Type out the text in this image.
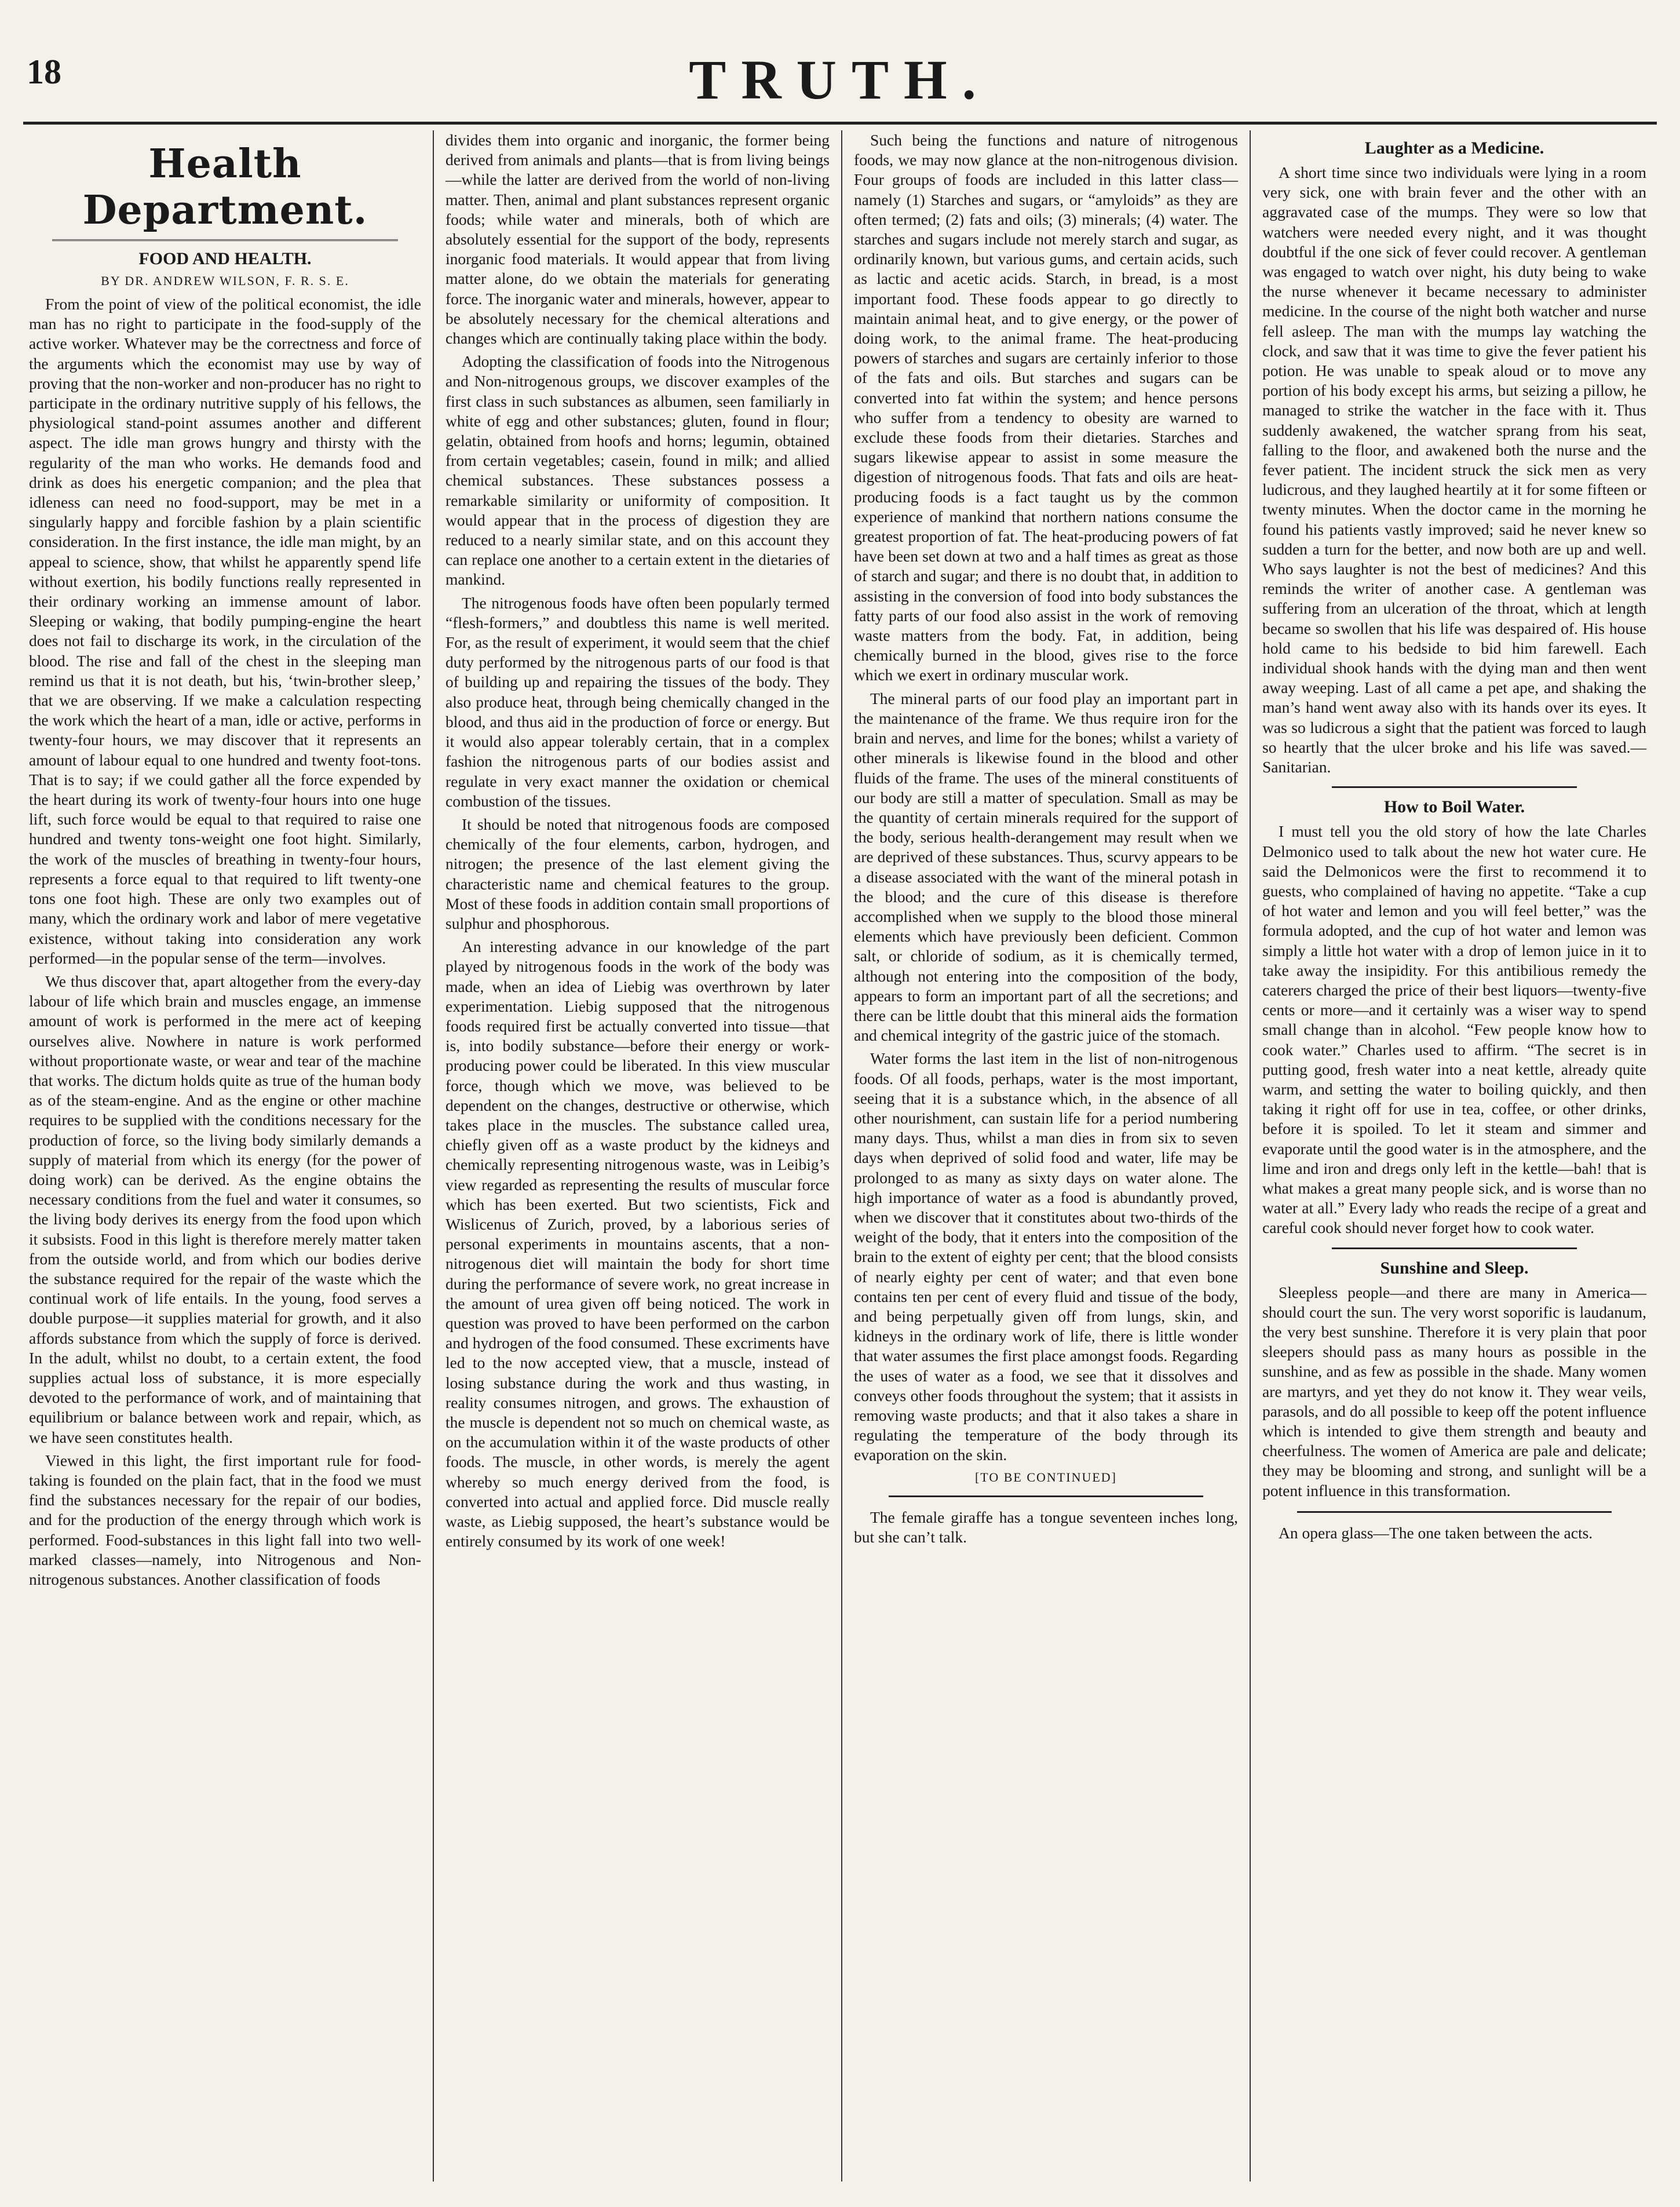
18	TRUTH.
Health Department.
FOOD AND HEALTH.
BY DR. ANDREW WILSON, F. R. S. E.

From the point of view of the political economist, the idle man has no right to participate in the food-supply of the active worker. Whatever may be the correctness and force of the arguments which the economist may use by way of proving that the non-worker and non-producer has no right to participate in the ordinary nutritive supply of his fellows, the physiological stand-point assumes another and different aspect. The idle man grows hungry and thirsty with the regularity of the man who works. He demands food and drink as does his energetic companion; and the plea that idleness can need no food-support, may be met in a singularly happy and forcible fashion by a plain scientific consideration. In the first instance, the idle man might, by an appeal to science, show, that whilst he apparently spend life without exertion, his bodily functions really represented in their ordinary working an immense amount of labor. Sleeping or waking, that bodily pumping-engine the heart does not fail to discharge its work, in the circulation of the blood. The rise and fall of the chest in the sleeping man remind us that it is not death, but his, ‘twin-brother sleep,’ that we are observing. If we make a calculation respecting the work which the heart of a man, idle or active, performs in twenty-four hours, we may discover that it represents an amount of labour equal to one hundred and twenty foot-tons. That is to say; if we could gather all the force expended by the heart during its work of twenty-four hours into one huge lift, such force would be equal to that required to raise one hundred and twenty tons-weight one foot hight. Similarly, the work of the muscles of breathing in twenty-four hours, represents a force equal to that required to lift twenty-one tons one foot high. These are only two examples out of many, which the ordinary work and labor of mere vegetative existence, without taking into consideration any work performed—in the popular sense of the term—involves.

We thus discover that, apart altogether from the every-day labour of life which brain and muscles engage, an immense amount of work is performed in the mere act of keeping ourselves alive. Nowhere in nature is work performed without proportionate waste, or wear and tear of the machine that works. The dictum holds quite as true of the human body as of the steam-engine. And as the engine or other machine requires to be supplied with the conditions necessary for the production of force, so the living body similarly demands a supply of material from which its energy (for the power of doing work) can be derived. As the engine obtains the necessary conditions from the fuel and water it consumes, so the living body derives its energy from the food upon which it subsists. Food in this light is therefore merely matter taken from the outside world, and from which our bodies derive the substance required for the repair of the waste which the continual work of life entails. In the young, food serves a double purpose—it supplies material for growth, and it also affords substance from which the supply of force is derived. In the adult, whilst no doubt, to a certain extent, the food supplies actual loss of substance, it is more especially devoted to the performance of work, and of maintaining that equilibrium or balance between work and repair, which, as we have seen constitutes health.

Viewed in this light, the first important rule for food-taking is founded on the plain fact, that in the food we must find the substances necessary for the repair of our bodies, and for the production of the energy through which work is performed. Food-substances in this light fall into two well-marked classes—namely, into Nitrogenous and Non-nitrogenous substances. Another classification of foods

divides them into organic and inorganic, the former being derived from animals and plants—that is from living beings—while the latter are derived from the world of non-living matter. Then, animal and plant substances represent organic foods; while water and minerals, both of which are absolutely essential for the support of the body, represents inorganic food materials. It would appear that from living matter alone, do we obtain the materials for generating force. The inorganic water and minerals, however, appear to be absolutely necessary for the chemical alterations and changes which are continually taking place within the body.

Adopting the classification of foods into the Nitrogenous and Non-nitrogenous groups, we discover examples of the first class in such substances as albumen, seen familiarly in white of egg and other substances; gluten, found in flour; gelatin, obtained from hoofs and horns; legumin, obtained from certain vegetables; casein, found in milk; and allied chemical substances. These substances possess a remarkable similarity or uniformity of composition. It would appear that in the process of digestion they are reduced to a nearly similar state, and on this account they can replace one another to a certain extent in the dietaries of mankind.

The nitrogenous foods have often been popularly termed “flesh-formers,” and doubtless this name is well merited. For, as the result of experiment, it would seem that the chief duty performed by the nitrogenous parts of our food is that of building up and repairing the tissues of the body. They also produce heat, through being chemically changed in the blood, and thus aid in the production of force or energy. But it would also appear tolerably certain, that in a complex fashion the nitrogenous parts of our bodies assist and regulate in very exact manner the oxidation or chemical combustion of the tissues.

It should be noted that nitrogenous foods are composed chemically of the four elements, carbon, hydrogen, and nitrogen; the presence of the last element giving the characteristic name and chemical features to the group. Most of these foods in addition contain small proportions of sulphur and phosphorous.

An interesting advance in our knowledge of the part played by nitrogenous foods in the work of the body was made, when an idea of Liebig was overthrown by later experimentation. Liebig supposed that the nitrogenous foods required first be actually converted into tissue—that is, into bodily substance—before their energy or work-producing power could be liberated. In this view muscular force, though which we move, was believed to be dependent on the changes, destructive or otherwise, which takes place in the muscles. The substance called urea, chiefly given off as a waste product by the kidneys and chemically representing nitrogenous waste, was in Leibig’s view regarded as representing the results of muscular force which has been exerted. But two scientists, Fick and Wislicenus of Zurich, proved, by a laborious series of personal experiments in mountains ascents, that a non-nitrogenous diet will maintain the body for short time during the performance of severe work, no great increase in the amount of urea given off being noticed. The work in question was proved to have been performed on the carbon and hydrogen of the food consumed. These excriments have led to the now accepted view, that a muscle, instead of losing substance during the work and thus wasting, in reality consumes nitrogen, and grows. The exhaustion of the muscle is dependent not so much on chemical waste, as on the accumulation within it of the waste products of other foods. The muscle, in other words, is merely the agent whereby so much energy derived from the food, is converted into actual and applied force. Did muscle really waste, as Liebig supposed, the heart’s substance would be entirely consumed by its work of one week!

Such being the functions and nature of nitrogenous foods, we may now glance at the non-nitrogenous division. Four groups of foods are included in this latter class—namely (1) Starches and sugars, or “amyloids” as they are often termed; (2) fats and oils; (3) minerals; (4) water. The starches and sugars include not merely starch and sugar, as ordinarily known, but various gums, and certain acids, such as lactic and acetic acids. Starch, in bread, is a most important food. These foods appear to go directly to maintain animal heat, and to give energy, or the power of doing work, to the animal frame. The heat-producing powers of starches and sugars are certainly inferior to those of the fats and oils. But starches and sugars can be converted into fat within the system; and hence persons who suffer from a tendency to obesity are warned to exclude these foods from their dietaries. Starches and sugars likewise appear to assist in some measure the digestion of nitrogenous foods. That fats and oils are heat-producing foods is a fact taught us by the common experience of mankind that northern nations consume the greatest proportion of fat. The heat-producing powers of fat have been set down at two and a half times as great as those of starch and sugar; and there is no doubt that, in addition to assisting in the conversion of food into body substances the fatty parts of our food also assist in the work of removing waste matters from the body. Fat, in addition, being chemically burned in the blood, gives rise to the force which we exert in ordinary muscular work.

The mineral parts of our food play an important part in the maintenance of the frame. We thus require iron for the brain and nerves, and lime for the bones; whilst a variety of other minerals is likewise found in the blood and other fluids of the frame. The uses of the mineral constituents of our body are still a matter of speculation. Small as may be the quantity of certain minerals required for the support of the body, serious health-derangement may result when we are deprived of these substances. Thus, scurvy appears to be a disease associated with the want of the mineral potash in the blood; and the cure of this disease is therefore accomplished when we supply to the blood those mineral elements which have previously been deficient. Common salt, or chloride of sodium, as it is chemically termed, although not entering into the composition of the body, appears to form an important part of all the secretions; and there can be little doubt that this mineral aids the formation and chemical integrity of the gastric juice of the stomach.

Water forms the last item in the list of non-nitrogenous foods. Of all foods, perhaps, water is the most important, seeing that it is a substance which, in the absence of all other nourishment, can sustain life for a period numbering many days. Thus, whilst a man dies in from six to seven days when deprived of solid food and water, life may be prolonged to as many as sixty days on water alone. The high importance of water as a food is abundantly proved, when we discover that it constitutes about two-thirds of the weight of the body, that it enters into the composition of the brain to the extent of eighty per cent; that the blood consists of nearly eighty per cent of water; and that even bone contains ten per cent of every fluid and tissue of the body, and being perpetually given off from lungs, skin, and kidneys in the ordinary work of life, there is little wonder that water assumes the first place amongst foods. Regarding the uses of water as a food, we see that it dissolves and conveys other foods throughout the system; that it assists in removing waste products; and that it also takes a share in regulating the temperature of the body through its evaporation on the skin.

[TO BE CONTINUED]

The female giraffe has a tongue seventeen inches long, but she can’t talk.

Laughter as a Medicine.

A short time since two individuals were lying in a room very sick, one with brain fever and the other with an aggravated case of the mumps. They were so low that watchers were needed every night, and it was thought doubtful if the one sick of fever could recover. A gentleman was engaged to watch over night, his duty being to wake the nurse whenever it became necessary to administer medicine. In the course of the night both watcher and nurse fell asleep. The man with the mumps lay watching the clock, and saw that it was time to give the fever patient his potion. He was unable to speak aloud or to move any portion of his body except his arms, but seizing a pillow, he managed to strike the watcher in the face with it. Thus suddenly awakened, the watcher sprang from his seat, falling to the floor, and awakened both the nurse and the fever patient. The incident struck the sick men as very ludicrous, and they laughed heartily at it for some fifteen or twenty minutes. When the doctor came in the morning he found his patients vastly improved; said he never knew so sudden a turn for the better, and now both are up and well. Who says laughter is not the best of medicines? And this reminds the writer of another case. A gentleman was suffering from an ulceration of the throat, which at length became so swollen that his life was despaired of. His house hold came to his bedside to bid him farewell. Each individual shook hands with the dying man and then went away weeping. Last of all came a pet ape, and shaking the man’s hand went away also with its hands over its eyes. It was so ludicrous a sight that the patient was forced to laugh so heartly that the ulcer broke and his life was saved.—Sanitarian.

How to Boil Water.

I must tell you the old story of how the late Charles Delmonico used to talk about the new hot water cure. He said the Delmonicos were the first to recommend it to guests, who complained of having no appetite. “Take a cup of hot water and lemon and you will feel better,” was the formula adopted, and the cup of hot water and lemon was simply a little hot water with a drop of lemon juice in it to take away the insipidity. For this antibilious remedy the caterers charged the price of their best liquors—twenty-five cents or more—and it certainly was a wiser way to spend small change than in alcohol. “Few people know how to cook water.” Charles used to affirm. “The secret is in putting good, fresh water into a neat kettle, already quite warm, and setting the water to boiling quickly, and then taking it right off for use in tea, coffee, or other drinks, before it is spoiled. To let it steam and simmer and evaporate until the good water is in the atmosphere, and the lime and iron and dregs only left in the kettle—bah! that is what makes a great many people sick, and is worse than no water at all.” Every lady who reads the recipe of a great and careful cook should never forget how to cook water.

Sunshine and Sleep.

Sleepless people—and there are many in America—should court the sun. The very worst soporific is laudanum, the very best sunshine. Therefore it is very plain that poor sleepers should pass as many hours as possible in the sunshine, and as few as possible in the shade. Many women are martyrs, and yet they do not know it. They wear veils, parasols, and do all possible to keep off the potent influence which is intended to give them strength and beauty and cheerfulness. The women of America are pale and delicate; they may be blooming and strong, and sunlight will be a potent influence in this transformation.

An opera glass—The one taken between the acts.
